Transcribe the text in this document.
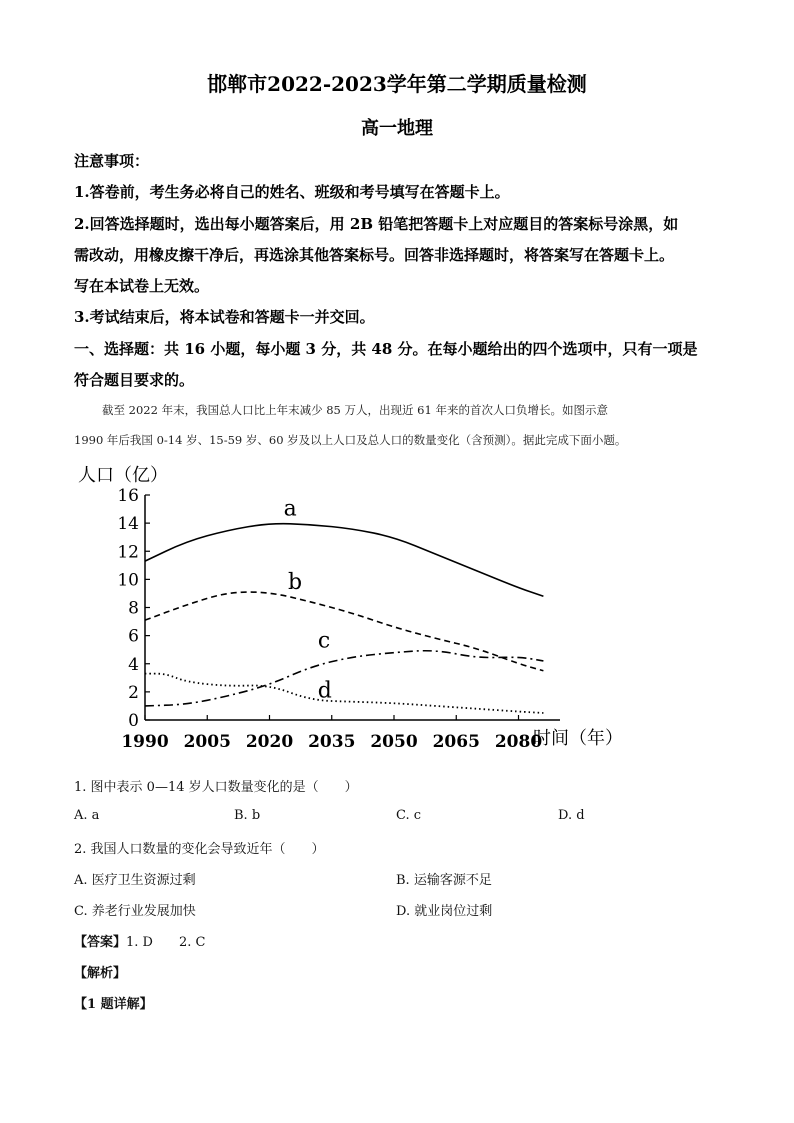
邯郸市2022-2023学年第二学期质量检测
高一地理
注意事项：
1.答卷前，考生务必将自己的姓名、班级和考号填写在答题卡上。
2.回答选择题时，选出每小题答案后，用 2B 铅笔把答题卡上对应题目的答案标号涂黑，如
需改动，用橡皮擦干净后，再选涂其他答案标号。回答非选择题时，将答案写在答题卡上。
写在本试卷上无效。
3.考试结束后，将本试卷和答题卡一并交回。
一、选择题：共 16 小题，每小题 3 分，共 48 分。在每小题给出的四个选项中，只有一项是
符合题目要求的。
截至 2022 年末，我国总人口比上年末减少 85 万人，出现近 61 年来的首次人口负增长。如图示意
1990 年后我国 0-14 岁、15-59 岁、60 岁及以上人口及总人口的数量变化（含预测）。据此完成下面小题。
0
2
4
6
8
10
12
14
16
1990 2005 2020 2035 2050 2065 2080
a
b
c
d
人口（亿）
时间（年）
1. 图中表示 0—14 岁人口数量变化的是（　　）
A. a	B. b	C. c	D. d
2. 我国人口数量的变化会导致近年（　　）
A. 医疗卫生资源过剩	B. 运输客源不足
C. 养老行业发展加快	D. 就业岗位过剩
【答案】1. D 2. C
【解析】
【1 题详解】
